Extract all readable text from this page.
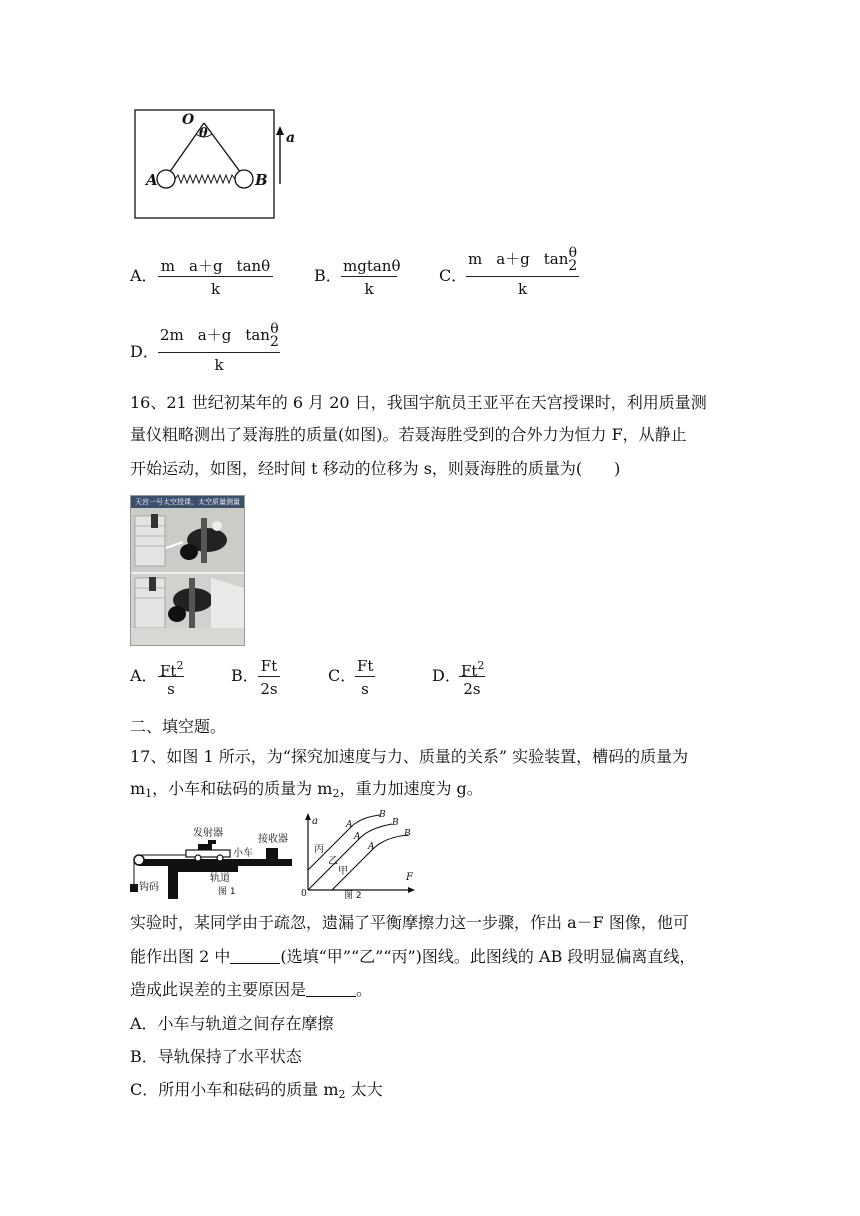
O
θ
A	B
a
A． $\frac{\text{m a＋g tanθ}}{k}$	B． $\frac{mgtan\theta}{k}$	C．
m a＋g tan θ
2
k
D． 2m a＋g tan θ
2
k
16、21 世纪初某年的 6 月 20 日，我国宇航员王亚平在天宫授课时，利用质量测
量仪粗略测出了聂海胜的质量(如图)。若聂海胜受到的合外力为恒力 F，从静止
开始运动，如图，经时间 t 移动的位移为 s，则聂海胜的质量为(　　)
天宫一号太空授课，太空质量测量
A． $\frac{Ft^2}{s}$	B． $\frac{Ft}{2s}$	C．
$\frac{Ft}{s}$	D．
$\frac{Ft^2}{2s}$
二、填空题。
17、如图 1 所示，为“探究加速度与力、质量的关系” 实验装置，槽码的质量为
$m_1$，小车和砝码的质量为 $m_2$，重力加速度为 g。
发射器
接收器
小车
轨道
钩码	图 1
a
F
0	图 2
丙
乙
甲
A
A
A
B
B
B
实验时，某同学由于疏忽，遗漏了平衡摩擦力这一步骤，作出 a－F 图像，他可
能作出图 2 中	(选填“甲”“乙”“丙”)图线。此图线的 AB 段明显偏离直线，
造成此误差的主要原因是	。
A．小车与轨道之间存在摩擦
B．导轨保持了水平状态
C．所用小车和砝码的质量 $m_2$ 太大
